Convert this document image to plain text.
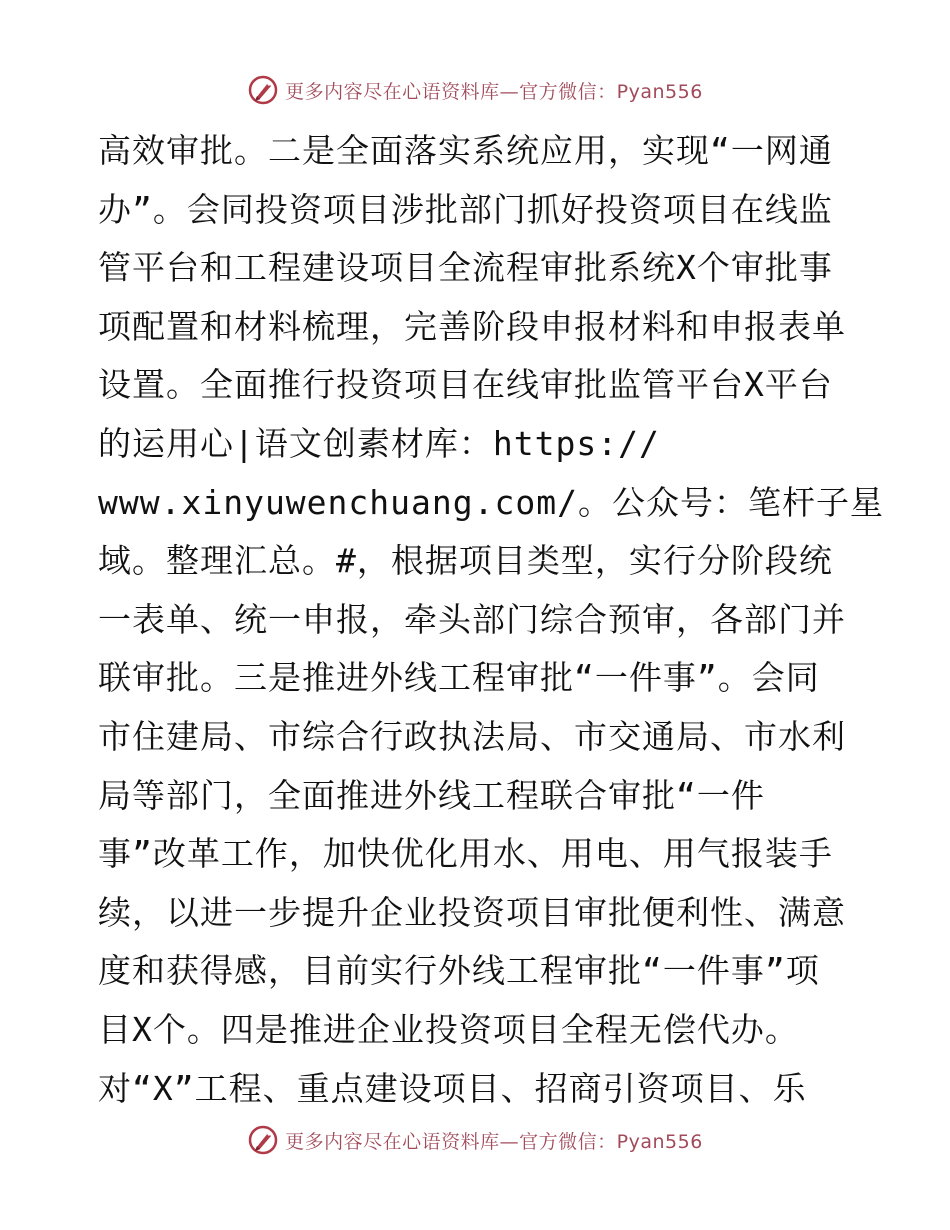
更多内容尽在心语资料库—官方微信：Pyan556
高效审批。二是全面落实系统应用，实现“一网通
办”。会同投资项目涉批部门抓好投资项目在线监
管平台和工程建设项目全流程审批系统X个审批事
项配置和材料梳理，完善阶段申报材料和申报表单
设置。全面推行投资项目在线审批监管平台X平台
的运用心|语文创素材库：https://
www.xinyuwenchuang.com/。公众号：笔杆子星
域。整理汇总。#，根据项目类型，实行分阶段统
一表单、统一申报，牵头部门综合预审，各部门并
联审批。三是推进外线工程审批“一件事”。会同
市住建局、市综合行政执法局、市交通局、市水利
局等部门，全面推进外线工程联合审批“一件
事”改革工作，加快优化用水、用电、用气报装手
续，以进一步提升企业投资项目审批便利性、满意
度和获得感，目前实行外线工程审批“一件事”项
目X个。四是推进企业投资项目全程无偿代办。
对“X”工程、重点建设项目、招商引资项目、乐
更多内容尽在心语资料库—官方微信：Pyan556
